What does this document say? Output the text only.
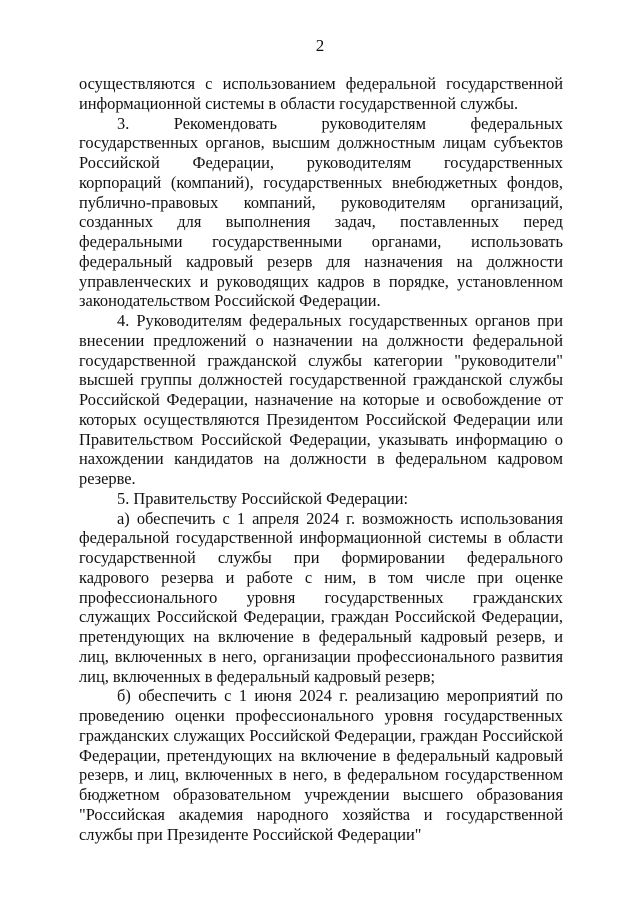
2

осуществляются с использованием федеральной государственной информационной системы в области государственной службы.

3. Рекомендовать руководителям федеральных государственных органов, высшим должностным лицам субъектов Российской Федерации, руководителям государственных корпораций (компаний), государственных внебюджетных фондов, публично-правовых компаний, руководителям организаций, созданных для выполнения задач, поставленных перед федеральными государственными органами, использовать федеральный кадровый резерв для назначения на должности управленческих и руководящих кадров в порядке, установленном законодательством Российской Федерации.

4. Руководителям федеральных государственных органов при внесении предложений о назначении на должности федеральной государственной гражданской службы категории "руководители" высшей группы должностей государственной гражданской службы Российской Федерации, назначение на которые и освобождение от которых осуществляются Президентом Российской Федерации или Правительством Российской Федерации, указывать информацию о нахождении кандидатов на должности в федеральном кадровом резерве.

5. Правительству Российской Федерации:

а) обеспечить с 1 апреля 2024 г. возможность использования федеральной государственной информационной системы в области государственной службы при формировании федерального кадрового резерва и работе с ним, в том числе при оценке профессионального уровня государственных гражданских служащих Российской Федерации, граждан Российской Федерации, претендующих на включение в федеральный кадровый резерв, и лиц, включенных в него, организации профессионального развития лиц, включенных в федеральный кадровый резерв;

б) обеспечить с 1 июня 2024 г. реализацию мероприятий по проведению оценки профессионального уровня государственных гражданских служащих Российской Федерации, граждан Российской Федерации, претендующих на включение в федеральный кадровый резерв, и лиц, включенных в него, в федеральном государственном бюджетном образовательном учреждении высшего образования "Российская академия народного хозяйства и государственной службы при Президенте Российской Федерации"
